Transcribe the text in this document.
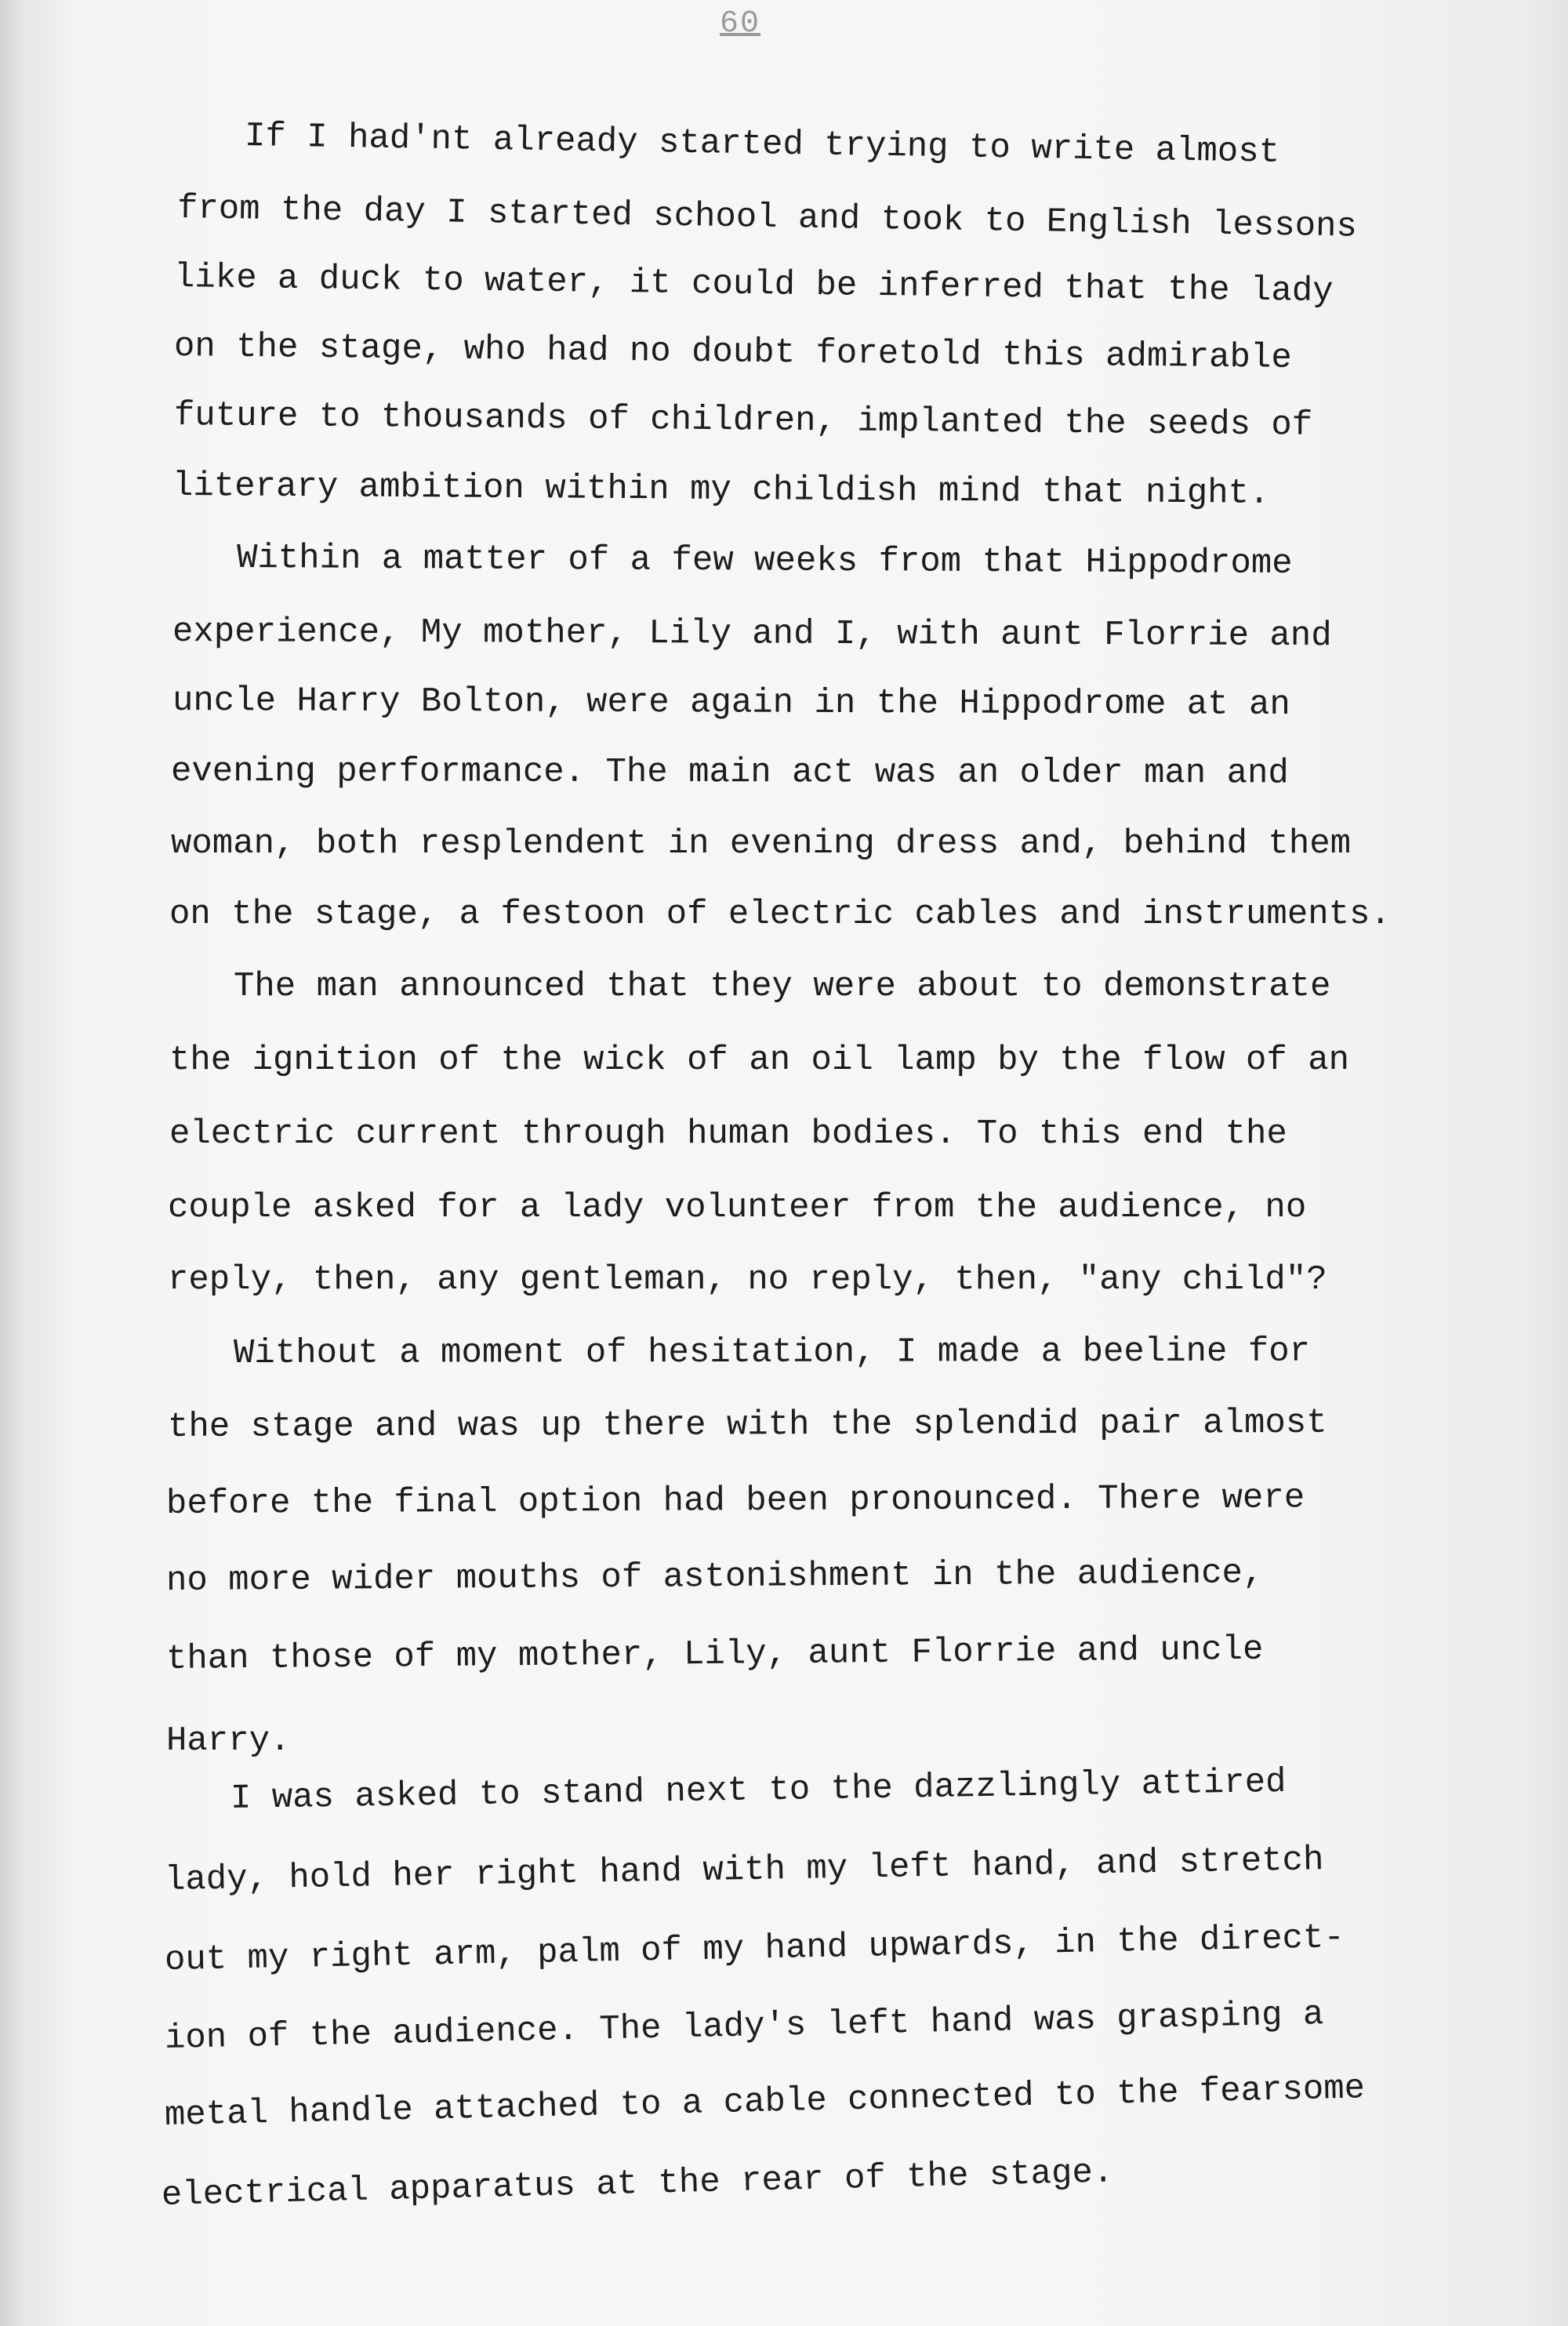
60
If I had'nt already started trying to write almost
from the day I started school and took to English lessons
like a duck to water, it could be inferred that the lady
on the stage, who had no doubt foretold this admirable
future to thousands of children, implanted the seeds of
literary ambition within my childish mind that night.
Within a matter of a few weeks from that Hippodrome
experience, My mother, Lily and I, with aunt Florrie and
uncle Harry Bolton, were again in the Hippodrome at an
evening performance. The main act was an older man and
woman, both resplendent in evening dress and, behind them
on the stage, a festoon of electric cables and instruments.
The man announced that they were about to demonstrate
the ignition of the wick of an oil lamp by the flow of an
electric current through human bodies. To this end the
couple asked for a lady volunteer from the audience, no
reply, then, any gentleman, no reply, then, "any child"?
Without a moment of hesitation, I made a beeline for
the stage and was up there with the splendid pair almost
before the final option had been pronounced. There were
no more wider mouths of astonishment in the audience,
than those of my mother, Lily, aunt Florrie and uncle
Harry.
I was asked to stand next to the dazzlingly attired
lady, hold her right hand with my left hand, and stretch
out my right arm, palm of my hand upwards, in the direct-
ion of the audience. The lady's left hand was grasping a
metal handle attached to a cable connected to the fearsome
electrical apparatus at the rear of the stage.
